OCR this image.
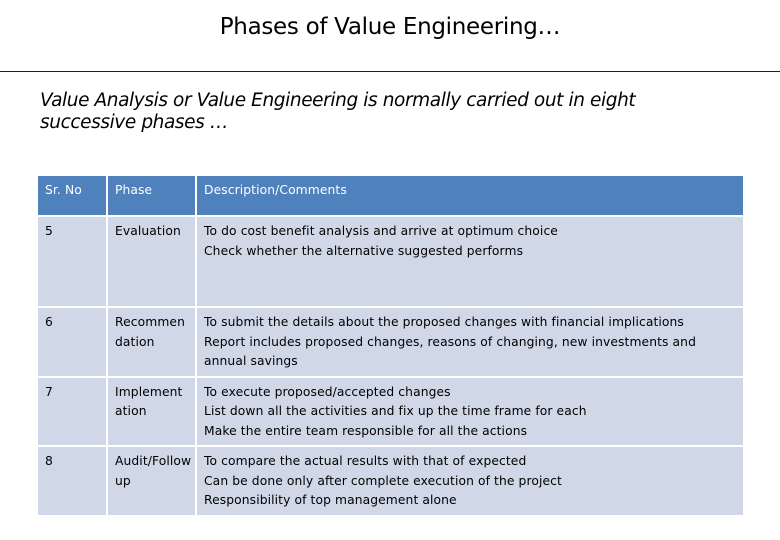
Phases of Value Engineering…
Value Analysis or Value Engineering is normally carried out in eight
successive phases …
Sr. No	Phase	Description/Comments
5	Evaluation	To do cost benefit analysis and arrive at optimum choice
Check whether the alternative suggested performs

6	Recommendation	To submit the details about the proposed changes with financial implications
Report includes proposed changes, reasons of changing, new investments and
annual savings

7	Implementation	To execute proposed/accepted changes
List down all the activities and fix up the time frame for each
Make the entire team responsible for all the actions

8	Audit/Follow up	To compare the actual results with that of expected
Can be done only after complete execution of the project
Responsibility of top management alone
